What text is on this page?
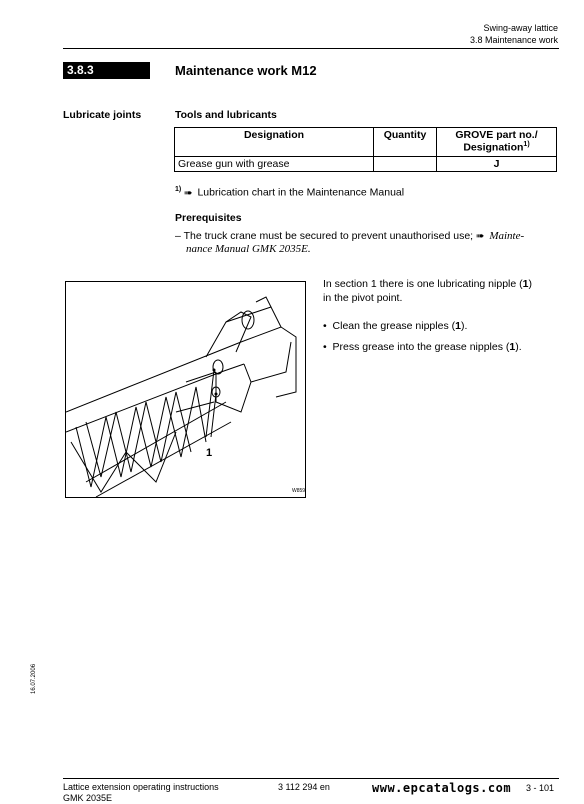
Swing-away lattice
3.8 Maintenance work
3.8.3	Maintenance work M12
Lubricate joints	Tools and lubricants
Designation	Quantity	GROVE part no./
Designation$^{1)}$

Grease gun with grease		J
$^{1)}$ ➠ Lubrication chart in the Maintenance Manual
Prerequisites
– The truck crane must be secured to prevent unauthorised use; ➠ Mainte-
nance Manual GMK 2035E.
1
W859
In section 1 there is one lubricating nipple (1)
in the pivot point.
• Clean the grease nipples (1).
• Press grease into the grease nipples (1).
16.07.2006
Lattice extension operating instructions
GMK 2035E
3 112 294 en	www.epcatalogs.com 3 - 101
